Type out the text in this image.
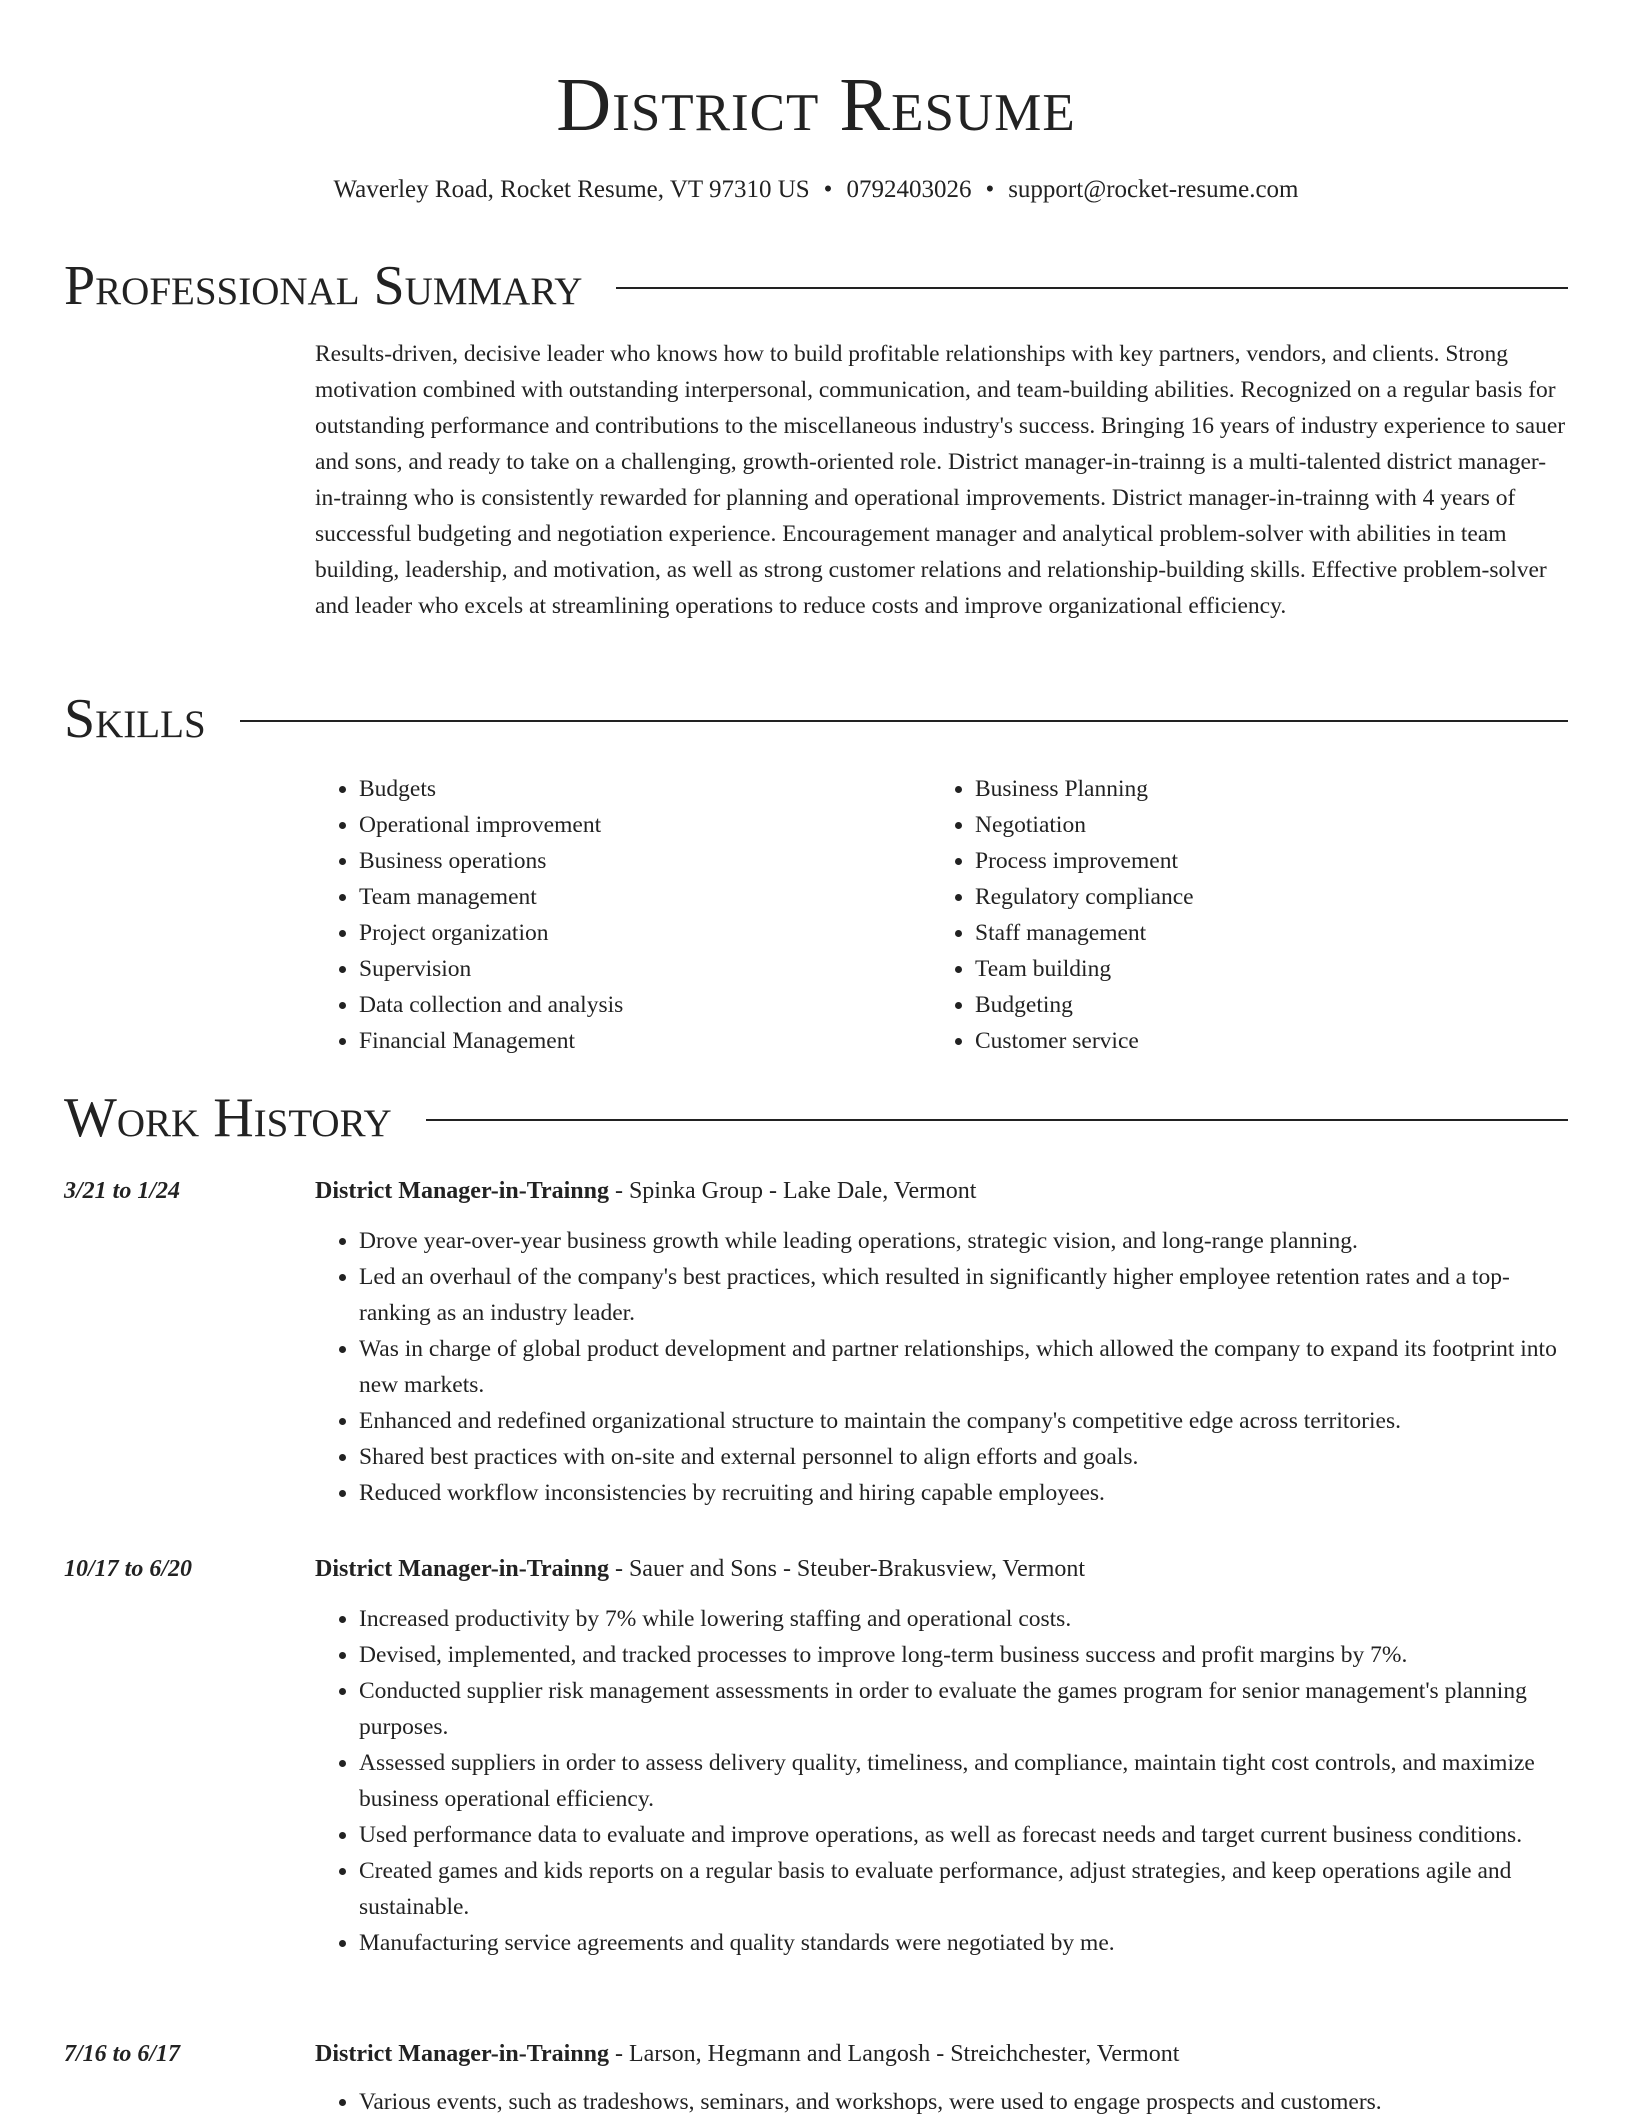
District Resume
Waverley Road, Rocket Resume, VT 97310 US • 0792403026 • support@rocket-resume.com
Professional Summary
Results-driven, decisive leader who knows how to build profitable relationships with key partners, vendors, and clients. Strong motivation combined with outstanding interpersonal, communication, and team-building abilities. Recognized on a regular basis for outstanding performance and contributions to the miscellaneous industry's success. Bringing 16 years of industry experience to sauer and sons, and ready to take on a challenging, growth-oriented role. District manager-in-trainng is a multi-talented district manager-in-trainng who is consistently rewarded for planning and operational improvements. District manager-in-trainng with 4 years of successful budgeting and negotiation experience. Encouragement manager and analytical problem-solver with abilities in team building, leadership, and motivation, as well as strong customer relations and relationship-building skills. Effective problem-solver and leader who excels at streamlining operations to reduce costs and improve organizational efficiency.
Skills
• Budgets
• Operational improvement
• Business operations
• Team management
• Project organization
• Supervision
• Data collection and analysis
• Financial Management
• Business Planning
• Negotiation
• Process improvement
• Regulatory compliance
• Staff management
• Team building
• Budgeting
• Customer service
Work History
3/21 to 1/24	District Manager-in-Trainng - Spinka Group - Lake Dale, Vermont
• Drove year-over-year business growth while leading operations, strategic vision, and long-range planning.
• Led an overhaul of the company's best practices, which resulted in significantly higher employee retention rates and a top-ranking as an industry leader.
• Was in charge of global product development and partner relationships, which allowed the company to expand its footprint into new markets.
• Enhanced and redefined organizational structure to maintain the company's competitive edge across territories.
• Shared best practices with on-site and external personnel to align efforts and goals.
• Reduced workflow inconsistencies by recruiting and hiring capable employees.
10/17 to 6/20	District Manager-in-Trainng - Sauer and Sons - Steuber-Brakusview, Vermont
• Increased productivity by 7% while lowering staffing and operational costs.
• Devised, implemented, and tracked processes to improve long-term business success and profit margins by 7%.
• Conducted supplier risk management assessments in order to evaluate the games program for senior management's planning purposes.
• Assessed suppliers in order to assess delivery quality, timeliness, and compliance, maintain tight cost controls, and maximize business operational efficiency.
• Used performance data to evaluate and improve operations, as well as forecast needs and target current business conditions.
• Created games and kids reports on a regular basis to evaluate performance, adjust strategies, and keep operations agile and sustainable.
• Manufacturing service agreements and quality standards were negotiated by me.
7/16 to 6/17	District Manager-in-Trainng - Larson, Hegmann and Langosh - Streichchester, Vermont
• Various events, such as tradeshows, seminars, and workshops, were used to engage prospects and customers.
